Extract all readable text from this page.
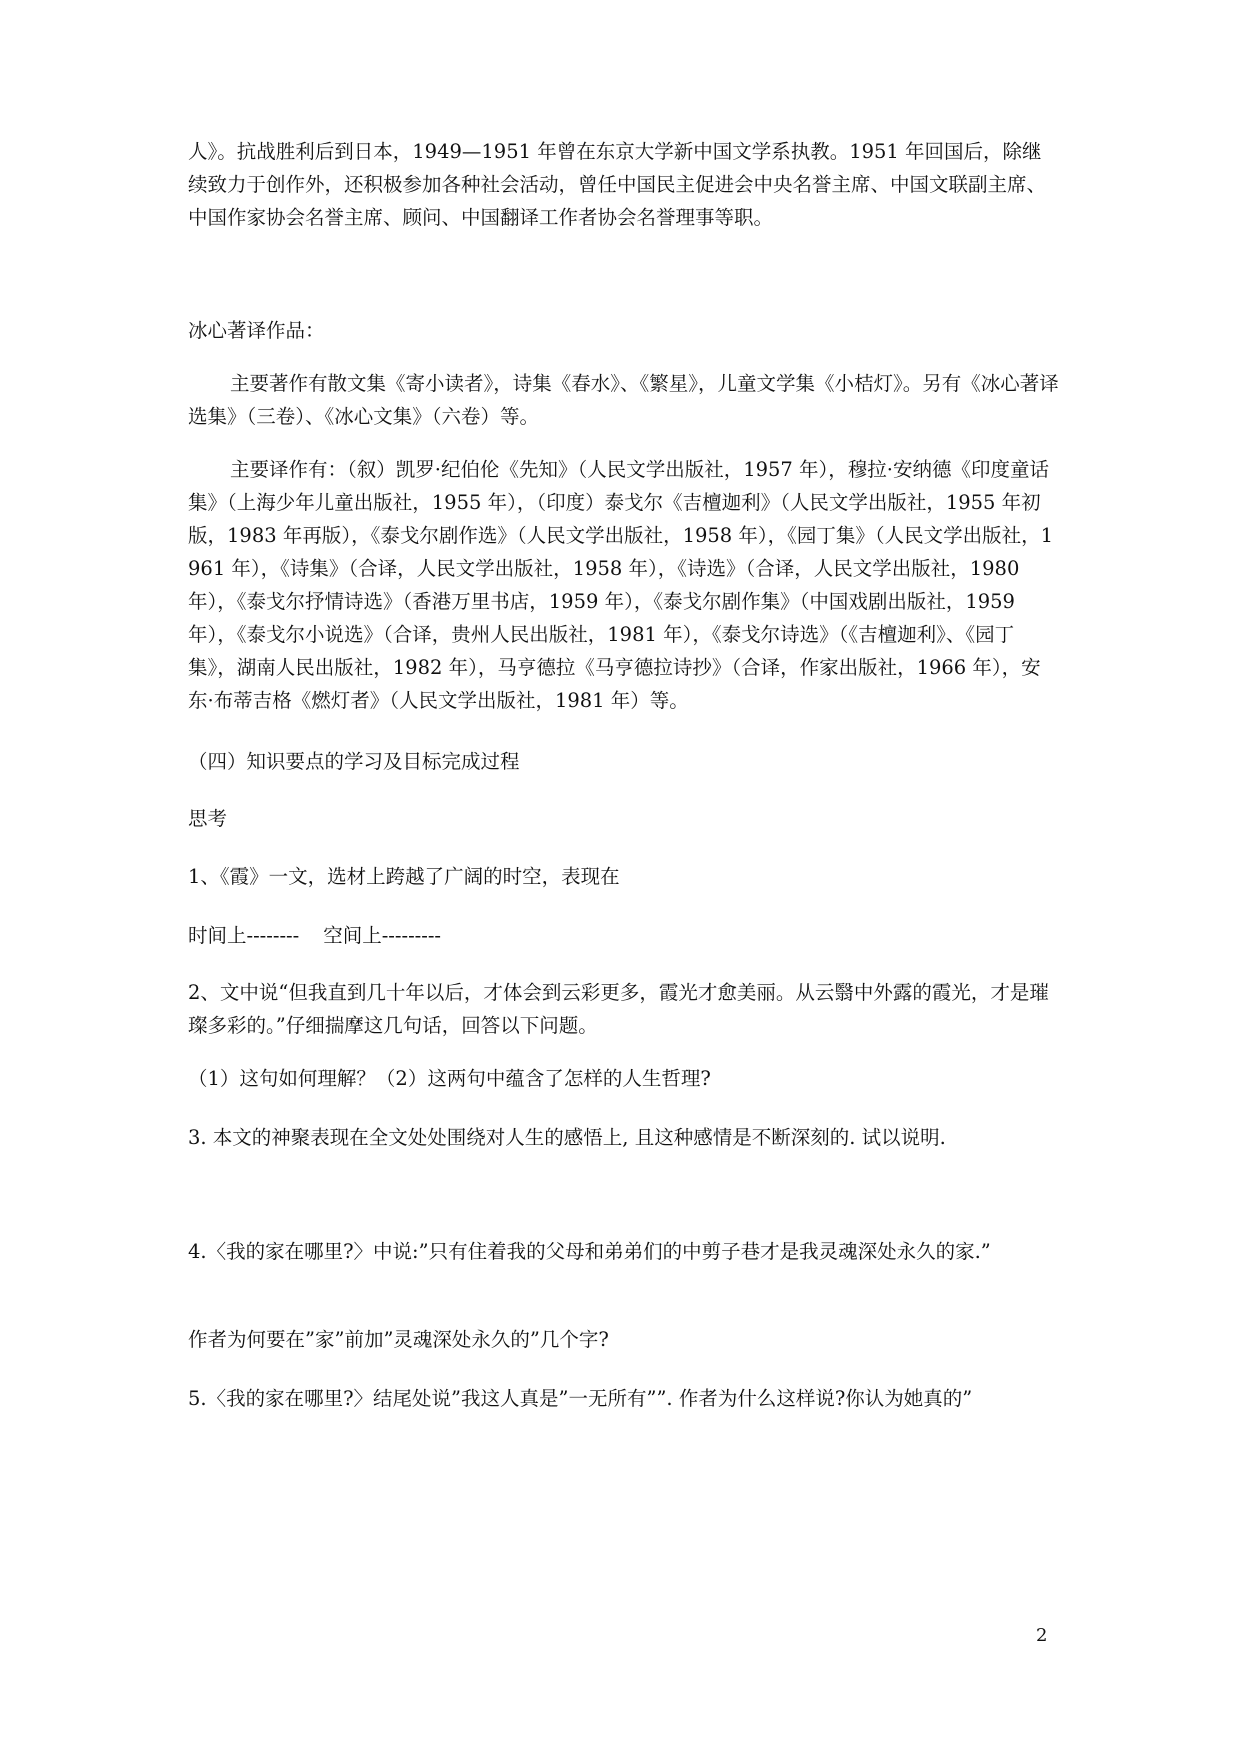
人》。抗战胜利后到日本，1949—1951 年曾在东京大学新中国文学系执教。1951 年回国后，除继续致力于创作外，还积极参加各种社会活动，曾任中国民主促进会中央名誉主席、中国文联副主席、中国作家协会名誉主席、顾问、中国翻译工作者协会名誉理事等职。

冰心著译作品：

主要著作有散文集《寄小读者》，诗集《春水》、《繁星》，儿童文学集《小桔灯》。另有《冰心著译选集》（三卷）、《冰心文集》（六卷）等。

主要译作有：（叙）凯罗·纪伯伦《先知》（人民文学出版社，1957 年），穆拉·安纳德《印度童话集》（上海少年儿童出版社，1955 年），（印度）泰戈尔《吉檀迦利》（人民文学出版社，1955 年初版，1983 年再版），《泰戈尔剧作选》（人民文学出版社，1958 年），《园丁集》（人民文学出版社，1961 年），《诗集》（合译，人民文学出版社，1958 年），《诗选》（合译，人民文学出版社，1980 年），《泰戈尔抒情诗选》（香港万里书店，1959 年），《泰戈尔剧作集》（中国戏剧出版社，1959 年），《泰戈尔小说选》（合译，贵州人民出版社，1981 年），《泰戈尔诗选》（《吉檀迦利》、《园丁集》，湖南人民出版社，1982 年），马亨德拉《马亨德拉诗抄》（合译，作家出版社，1966 年），安东·布蒂吉格《燃灯者》（人民文学出版社，1981 年）等。

（四）知识要点的学习及目标完成过程

思考

1、《霞》一文，选材上跨越了广阔的时空，表现在

时间上-------- 空间上---------

2、文中说“但我直到几十年以后，才体会到云彩更多，霞光才愈美丽。从云翳中外露的霞光，才是璀璨多彩的。”仔细揣摩这几句话，回答以下问题。

（1）这句如何理解？（2）这两句中蕴含了怎样的人生哲理?

3. 本文的神聚表现在全文处处围绕对人生的感悟上, 且这种感情是不断深刻的. 试以说明.

4.〈我的家在哪里?〉中说:”只有住着我的父母和弟弟们的中剪子巷才是我灵魂深处永久的家.”

作者为何要在”家”前加”灵魂深处永久的”几个字?

5.〈我的家在哪里?〉结尾处说”我这人真是”一无所有””. 作者为什么这样说?你认为她真的”

2
